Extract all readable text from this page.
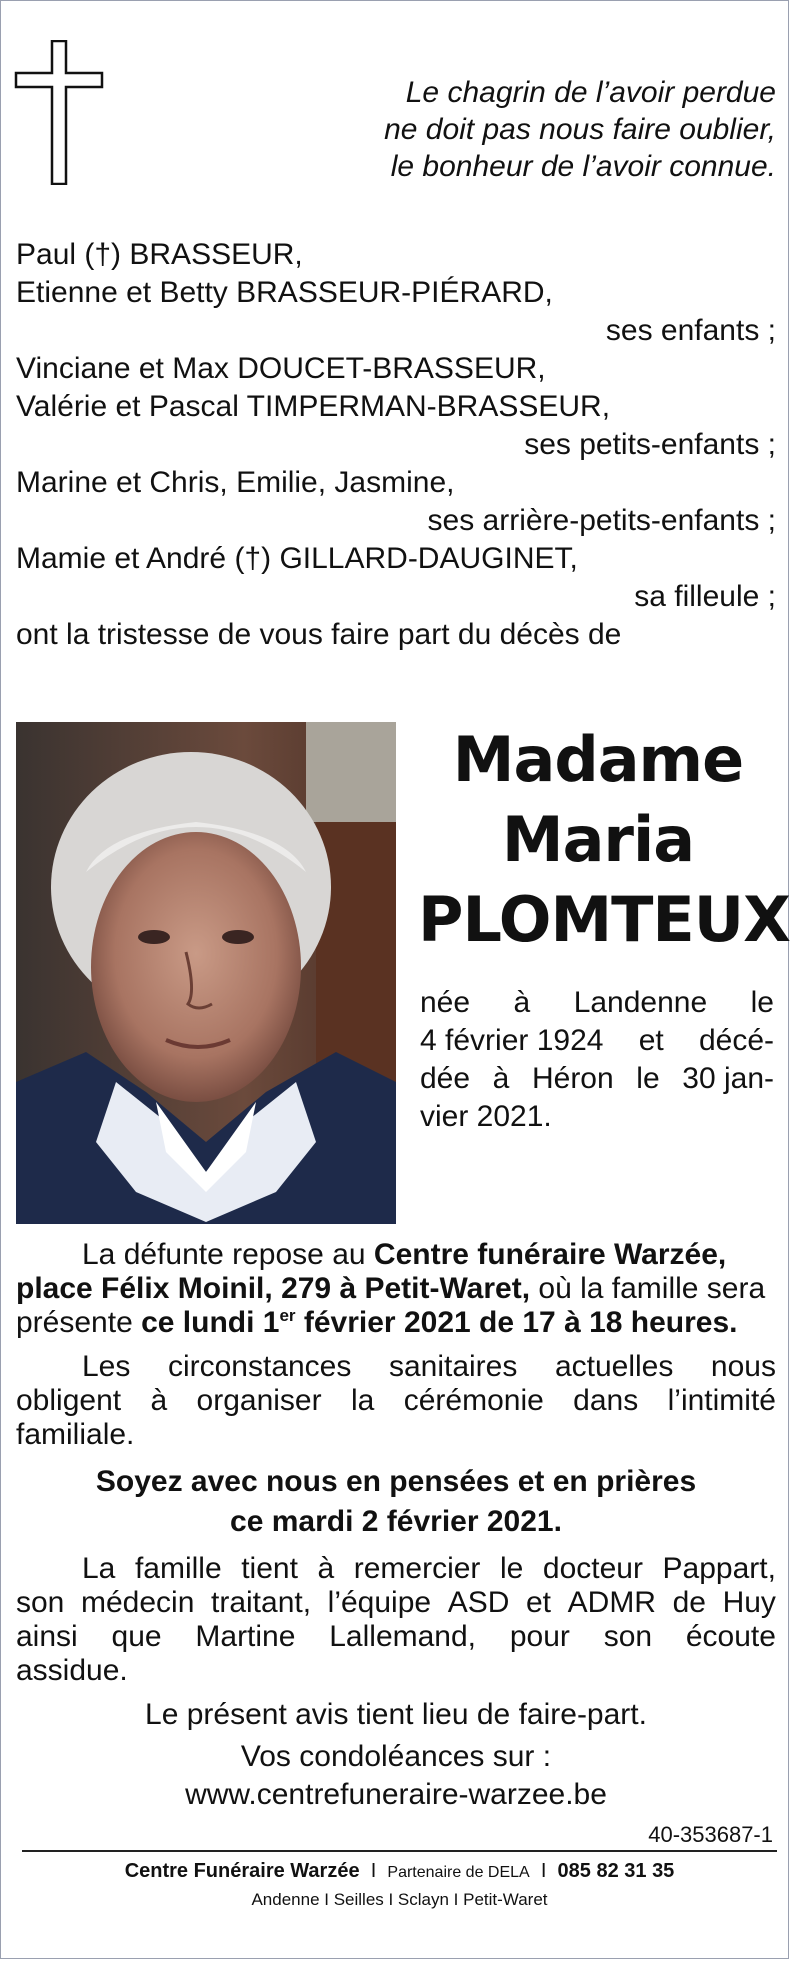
Le chagrin de l’avoir perdue
ne doit pas nous faire oublier,
le bonheur de l’avoir connue.
Paul (†) BRASSEUR,
Etienne et Betty BRASSEUR-PIÉRARD,
ses enfants ;
Vinciane et Max DOUCET-BRASSEUR,
Valérie et Pascal TIMPERMAN-BRASSEUR,
ses petits-enfants ;
Marine et Chris, Emilie, Jasmine,
ses arrière-petits-enfants ;
Mamie et André (†) GILLARD-DAUGINET,
sa filleule ;
ont la tristesse de vous faire part du décès de
Madame
Maria
PLOMTEUX
née à Landenne le
4 février 1924 et décé-
dée à Héron le 30 jan-
vier 2021.
La défunte repose au Centre funéraire Warzée,
place Félix Moinil, 279 à Petit-Waret, où la famille sera
présente ce lundi 1er février 2021 de 17 à 18 heures.
Les circonstances sanitaires actuelles nous
obligent à organiser la cérémonie dans l’intimité
familiale.
Soyez avec nous en pensées et en prières
ce mardi 2 février 2021.
La famille tient à remercier le docteur Pappart,
son médecin traitant, l’équipe ASD et ADMR de Huy
ainsi que Martine Lallemand, pour son écoute
assidue.
Le présent avis tient lieu de faire-part.
Vos condoléances sur :
www.centrefuneraire-warzee.be
40-353687-1
Centre Funéraire Warzée I Partenaire de DELA I 085 82 31 35
Andenne I Seilles I Sclayn I Petit-Waret
